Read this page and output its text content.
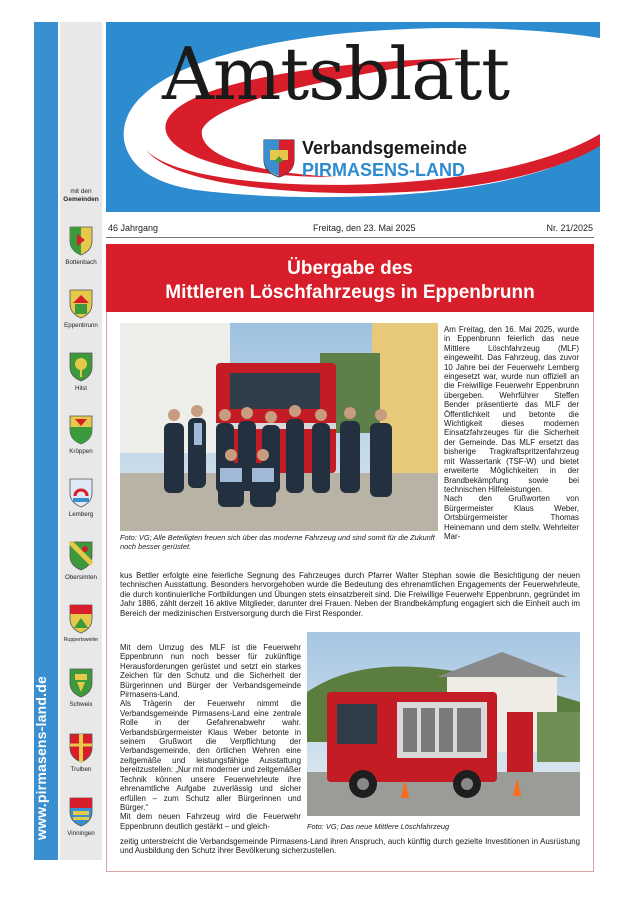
www.pirmasens-land.de
mit den
Gemeinden
Bottenbach
Eppenbrunn
Hilst
Kröppen
Lemberg
Obersimten
Ruppertsweiler
Schweix
Trulben
Vinningen
Amtsblatt
Verbandsgemeinde
PIRMASENS-LAND
46 Jahrgang	Freitag, den 23. Mai 2025	Nr. 21/2025
Übergabe des
Mittleren Löschfahrzeugs in Eppenbrunn
Foto: VG; Alle Beteiligten freuen sich über das moderne Fahrzeug und sind somit für die Zukunft noch besser gerüstet.

Am Freitag, den 16. Mai 2025, wurde in Eppenbrunn feierlich das neue Mittlere Löschfahrzeug (MLF) eingeweiht. Das Fahrzeug, das zuvor 10 Jahre bei der Feuerwehr Lemberg eingesetzt war, wurde nun offiziell an die Freiwillige Feuerwehr Eppenbrunn übergeben. Wehrführer Steffen Bender präsentierte das MLF der Öffentlichkeit und betonte die Wichtigkeit dieses modernen Einsatzfahrzeuges für die Sicherheit der Gemeinde. Das MLF ersetzt das bisherige Tragkraftspritzenfahrzeug mit Wassertank (TSF-W) und bietet erweiterte Möglichkeiten in der Brandbekämpfung sowie bei technischen Hilfeleistungen.

Nach den Grußworten von Bürgermeister Klaus Weber, Ortsbürgermeister Thomas Heinemann und dem stellv. Wehrleiter Mar-

kus Bettler erfolgte eine feierliche Segnung des Fahrzeuges durch Pfarrer Walter Stephan sowie die Besichtigung der neuen technischen Ausstattung. Besonders hervorgehoben wurde die Bedeutung des ehrenamtlichen Engagements der Feuerwehrleute, die durch kontinuierliche Fortbildungen und Übungen stets einsatzbereit sind. Die Freiwillige Feuerwehr Eppenbrunn, gegründet im Jahr 1886, zählt derzeit 16 aktive Mitglieder, darunter drei Frauen. Neben der Brandbekämpfung engagiert sich die Einheit auch im Bereich der medizinischen Erstversorgung durch die First Responder.

Mit dem Umzug des MLF ist die Feuerwehr Eppenbrunn nun noch besser für zukünftige Herausforderungen gerüstet und setzt ein starkes Zeichen für den Schutz und die Sicherheit der Bürgerinnen und Bürger der Verbandsgemeinde Pirmasens-Land.

Als Trägerin der Feuerwehr nimmt die Verbandsgemeinde Pirmasens-Land eine zentrale Rolle in der Gefahrenabwehr wahr. Verbandsbürgermeister Klaus Weber betonte in seinem Grußwort die Verpflichtung der Verbandsgemeinde, den örtlichen Wehren eine zeitgemäße und leistungsfähige Ausstattung bereitzustellen: „Nur mit moderner und zeitgemäßer Technik können unsere Feuerwehrleute ihre ehrenamtliche Aufgabe zuverlässig und sicher erfüllen – zum Schutz aller Bürgerinnen und Bürger.“

Mit dem neuen Fahrzeug wird die Feuerwehr Eppenbrunn deutlich gestärkt – und gleich-	Foto: VG; Das neue Mittlere Löschfahrzeug

zeitig unterstreicht die Verbandsgemeinde Pirmasens-Land ihren Anspruch, auch künftig durch gezielte Investitionen in Ausrüstung und Ausbildung den Schutz ihrer Bevölkerung sicherzustellen.
